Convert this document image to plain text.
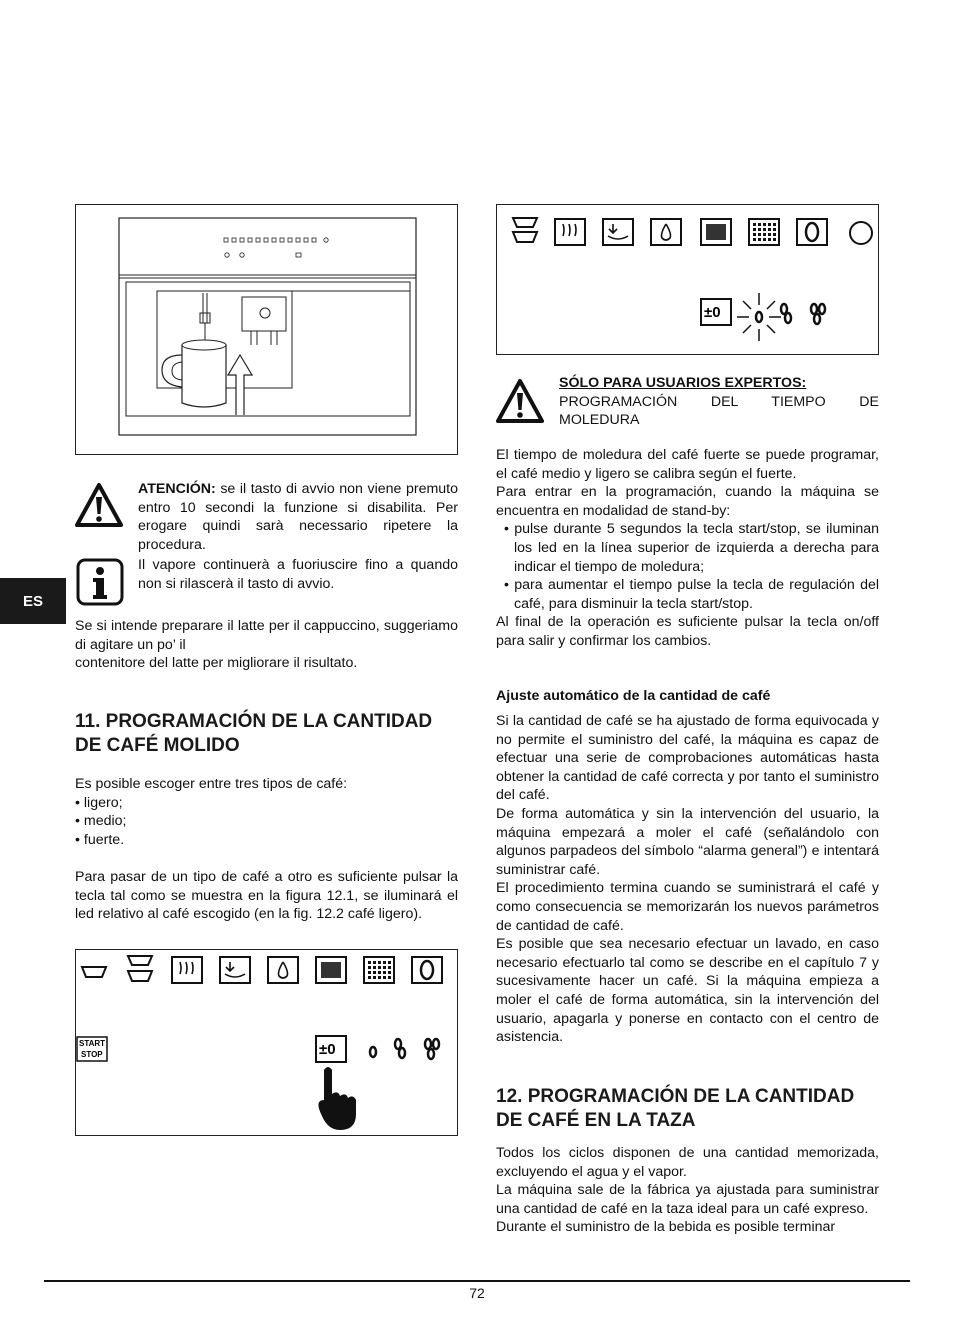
ATENCIÓN: se il tasto di avvio non viene premuto entro 10 secondi la funzione si disabilita. Per erogare quindi sarà necessario ripetere la procedura.
Il vapore continuerà a fuoriuscire fino a quando non si rilascerà il tasto di avvio.
ES

Se si intende preparare il latte per il cappuccino, suggeriamo di agitare un po’ il

contenitore del latte per migliorare il risultato.

11. PROGRAMACIÓN DE LA CANTIDAD
DE CAFÉ MOLIDO

Es posible escoger entre tres tipos de café:

• ligero;

• medio;

• fuerte.

Para pasar de un tipo de café a otro es suficiente pulsar la tecla tal como se muestra en la figura 12.1, se iluminará el led relativo al café escogido (en la fig. 12.2 café ligero).

START
STOP	±0
±0

SÓLO PARA USUARIOS EXPERTOS:

PROGRAMACIÓN DEL TIEMPO DE

MOLEDURA

El tiempo de moledura del café fuerte se puede programar, el café medio y ligero se calibra según el fuerte.

Para entrar en la programación, cuando la máquina se encuentra en modalidad de stand-by:

• pulse durante 5 segundos la tecla start/stop, se iluminan los led en la línea superior de izquierda a derecha para indicar el tiempo de moledura;

• para aumentar el tiempo pulse la tecla de regulación del café, para disminuir la tecla start/stop.

Al final de la operación es suficiente pulsar la tecla on/off para salir y confirmar los cambios.

Ajuste automático de la cantidad de café

Si la cantidad de café se ha ajustado de forma equivocada y no permite el suministro del café, la máquina es capaz de efectuar una serie de comprobaciones automáticas hasta obtener la cantidad de café correcta y por tanto el suministro del café.

De forma automática y sin la intervención del usuario, la máquina empezará a moler el café (señalándolo con algunos parpadeos del símbolo “alarma general”) e intentará suministrar café.

El procedimiento termina cuando se suministrará el café y como consecuencia se memorizarán los nuevos parámetros de cantidad de café.

Es posible que sea necesario efectuar un lavado, en caso necesario efectuarlo tal como se describe en el capítulo 7 y sucesivamente hacer un café. Si la máquina empieza a moler el café de forma automática, sin la intervención del usuario, apagarla y ponerse en contacto con el centro de asistencia.

12. PROGRAMACIÓN DE LA CANTIDAD
DE CAFÉ EN LA TAZA

Todos los ciclos disponen de una cantidad memorizada, excluyendo el agua y el vapor.

La máquina sale de la fábrica ya ajustada para suministrar una cantidad de café en la taza ideal para un café expreso.

Durante el suministro de la bebida es posible terminar

72
